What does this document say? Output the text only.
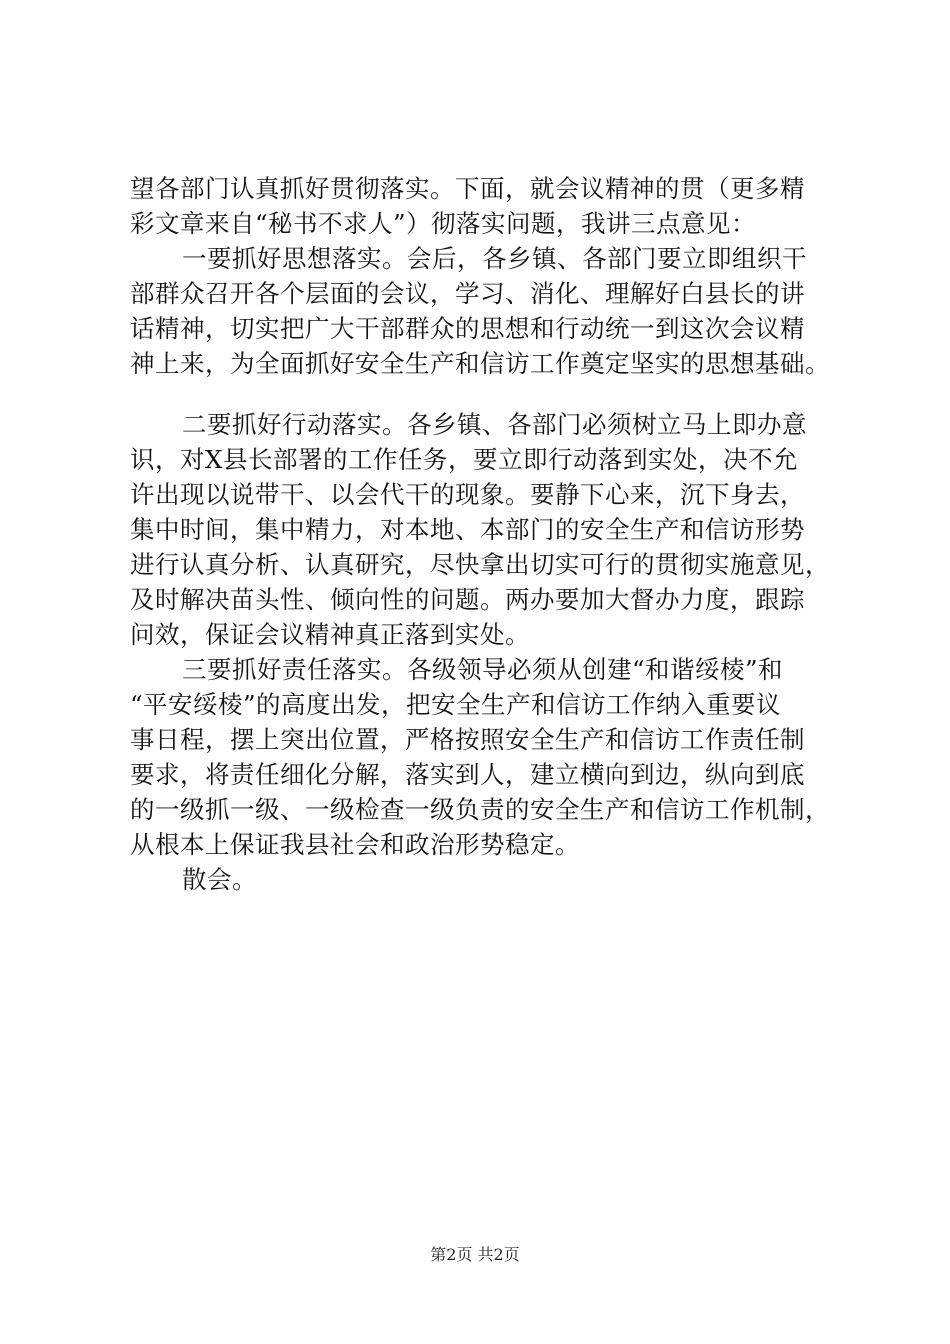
望各部门认真抓好贯彻落实。下面，就会议精神的贯（更多精
彩文章来自“秘书不求人”）彻落实问题，我讲三点意见：
一要抓好思想落实。会后，各乡镇、各部门要立即组织干
部群众召开各个层面的会议，学习、消化、理解好白县长的讲
话精神，切实把广大干部群众的思想和行动统一到这次会议精
神上来，为全面抓好安全生产和信访工作奠定坚实的思想基础。
二要抓好行动落实。各乡镇、各部门必须树立马上即办意
识，对X县长部署的工作任务，要立即行动落到实处，决不允
许出现以说带干、以会代干的现象。要静下心来，沉下身去，
集中时间，集中精力，对本地、本部门的安全生产和信访形势
进行认真分析、认真研究，尽快拿出切实可行的贯彻实施意见，
及时解决苗头性、倾向性的问题。两办要加大督办力度，跟踪
问效，保证会议精神真正落到实处。
三要抓好责任落实。各级领导必须从创建“和谐绥棱”和
“平安绥棱”的高度出发，把安全生产和信访工作纳入重要议
事日程，摆上突出位置，严格按照安全生产和信访工作责任制
要求，将责任细化分解，落实到人，建立横向到边，纵向到底
的一级抓一级、一级检查一级负责的安全生产和信访工作机制，
从根本上保证我县社会和政治形势稳定。
散会。
第2页 共2页
